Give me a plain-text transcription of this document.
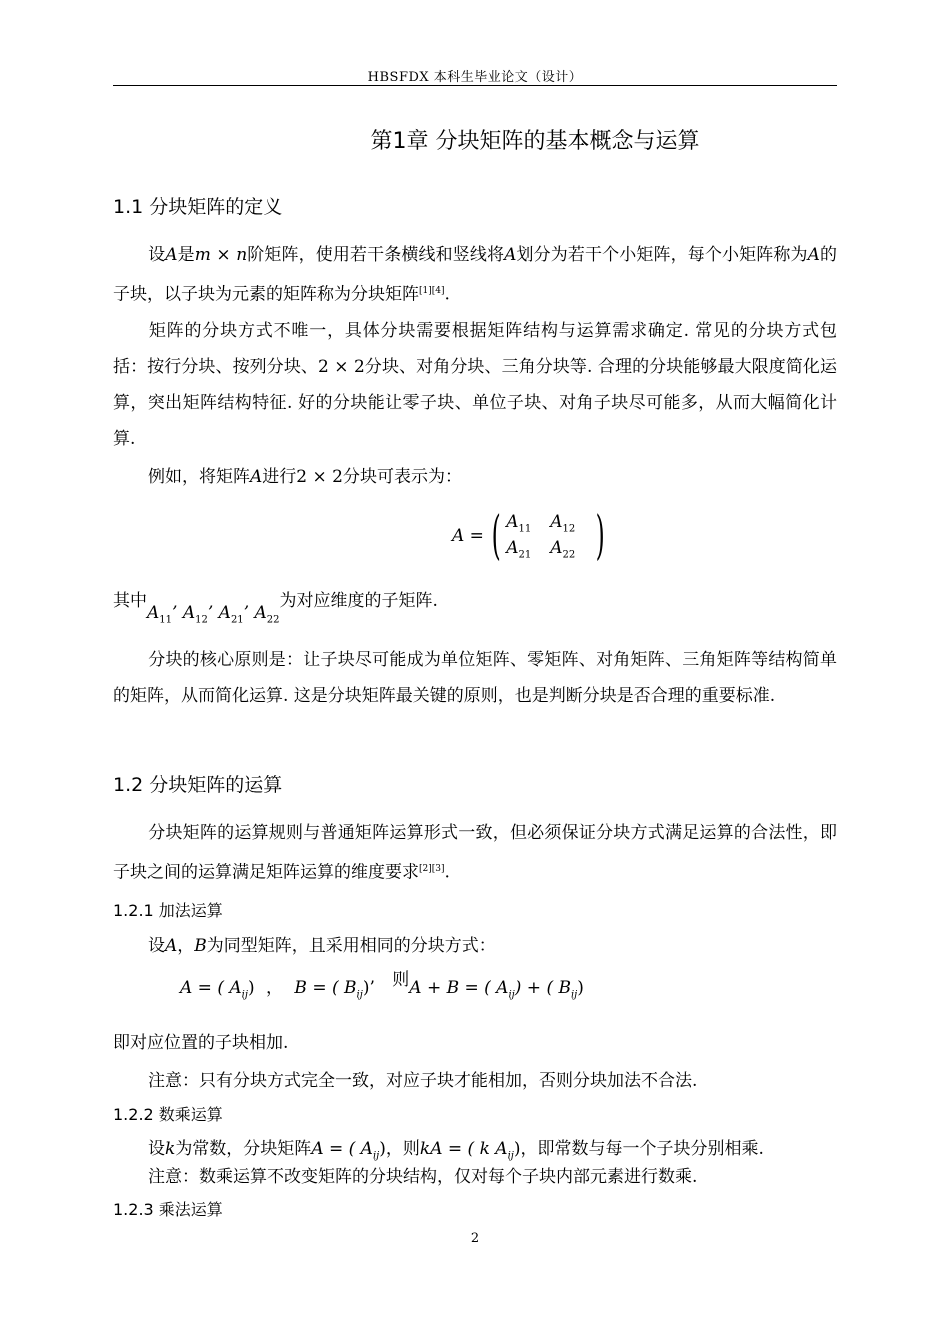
HBSFDX 本科生毕业论文（设计）
第1章 分块矩阵的基本概念与运算
1.1 分块矩阵的定义
设A是m × n阶矩阵，使用若干条横线和竖线将A划分为若干个小矩阵，每个小矩阵称为A的子块，以子块为元素的矩阵称为分块矩阵[1][4].
矩阵的分块方式不唯一，具体分块需要根据矩阵结构与运算需求确定. 常见的分块方式包括：按行分块、按列分块、2 × 2分块、对角分块、三角分块等. 合理的分块能够最大限度简化运算，突出矩阵结构特征. 好的分块能让零子块、单位子块、对角子块尽可能多，从而大幅简化计算.
例如，将矩阵A进行2 × 2分块可表示为：
A = ( $A_{11}$	$A_{12}$
$A_{21}$	$A_{22}$ )
其中$A_{11}$’ $A_{12}$’ $A_{21}$’ $A_{22}$为对应维度的子矩阵.
分块的核心原则是：让子块尽可能成为单位矩阵、零矩阵、对角矩阵、三角矩阵等结构简单的矩阵，从而简化运算. 这是分块矩阵最关键的原则，也是判断分块是否合理的重要标准.
1.2 分块矩阵的运算
分块矩阵的运算规则与普通矩阵运算形式一致，但必须保证分块方式满足运算的合法性，即子块之间的运算满足矩阵运算的维度要求[2][3].
1.2.1 加法运算
设A，B为同型矩阵，且采用相同的分块方式：
A = ( $A_{ij}$) ， B = ( $B_{ij}$)’ 则A + B = ( $A_{ij}$) + ( $B_{ij}$)
即对应位置的子块相加.
注意：只有分块方式完全一致，对应子块才能相加，否则分块加法不合法.
1.2.2 数乘运算
设k为常数，分块矩阵A = ( $A_{ij}$)，则kA = ( k $A_{ij}$)，即常数与每一个子块分别相乘.
注意：数乘运算不改变矩阵的分块结构，仅对每个子块内部元素进行数乘.
1.2.3 乘法运算
2
